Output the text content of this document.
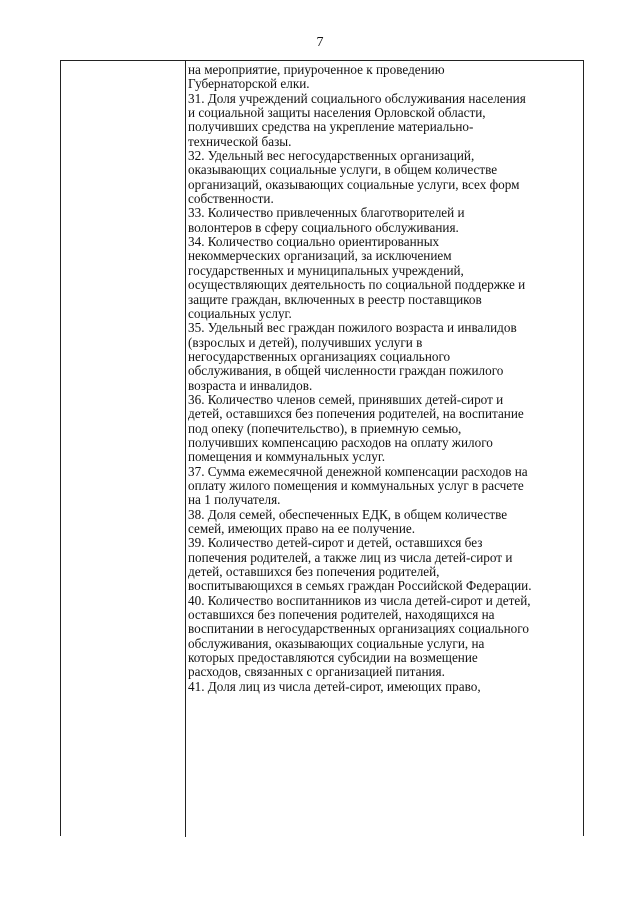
7
на мероприятие, приуроченное к проведению
Губернаторской елки.
31. Доля учреждений социального обслуживания населения
и социальной защиты населения Орловской области,
получивших средства на укрепление материально-
технической базы.
32. Удельный вес негосударственных организаций,
оказывающих социальные услуги, в общем количестве
организаций, оказывающих социальные услуги, всех форм
собственности.
33. Количество привлеченных благотворителей и
волонтеров в сферу социального обслуживания.
34. Количество социально ориентированных
некоммерческих организаций, за исключением
государственных и муниципальных учреждений,
осуществляющих деятельность по социальной поддержке и
защите граждан, включенных в реестр поставщиков
социальных услуг.
35. Удельный вес граждан пожилого возраста и инвалидов
(взрослых и детей), получивших услуги в
негосударственных организациях социального
обслуживания, в общей численности граждан пожилого
возраста и инвалидов.
36. Количество членов семей, принявших детей-сирот и
детей, оставшихся без попечения родителей, на воспитание
под опеку (попечительство), в приемную семью,
получивших компенсацию расходов на оплату жилого
помещения и коммунальных услуг.
37. Сумма ежемесячной денежной компенсации расходов на
оплату жилого помещения и коммунальных услуг в расчете
на 1 получателя.
38. Доля семей, обеспеченных ЕДК, в общем количестве
семей, имеющих право на ее получение.
39. Количество детей-сирот и детей, оставшихся без
попечения родителей, а также лиц из числа детей-сирот и
детей, оставшихся без попечения родителей,
воспитывающихся в семьях граждан Российской Федерации.
40. Количество воспитанников из числа детей-сирот и детей,
оставшихся без попечения родителей, находящихся на
воспитании в негосударственных организациях социального
обслуживания, оказывающих социальные услуги, на
которых предоставляются субсидии на возмещение
расходов, связанных с организацией питания.
41. Доля лиц из числа детей-сирот, имеющих право,
